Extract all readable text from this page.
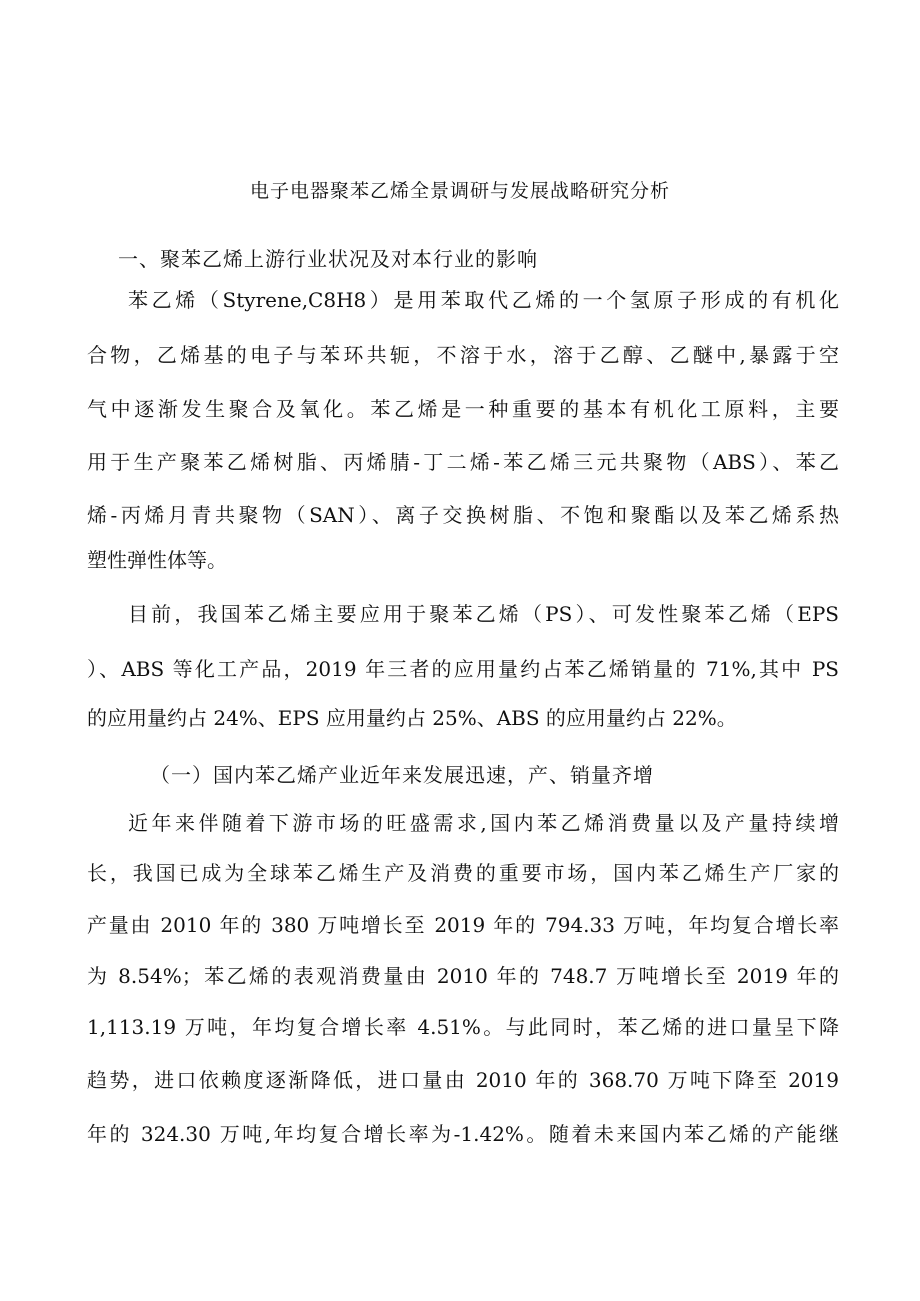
电子电器聚苯乙烯全景调研与发展战略研究分析
一、聚苯乙烯上游行业状况及对本行业的影响
苯乙烯（Styrene,C8H8）是用苯取代乙烯的一个氢原子形成的有机化
合物，乙烯基的电子与苯环共轭，不溶于水，溶于乙醇、乙醚中,暴露于空
气中逐渐发生聚合及氧化。苯乙烯是一种重要的基本有机化工原料，主要
用于生产聚苯乙烯树脂、丙烯腈-丁二烯-苯乙烯三元共聚物（ABS）、苯乙
烯-丙烯月青共聚物（SAN）、离子交换树脂、不饱和聚酯以及苯乙烯系热
塑性弹性体等。
目前，我国苯乙烯主要应用于聚苯乙烯（PS）、可发性聚苯乙烯（EPS
）、ABS 等化工产品，2019 年三者的应用量约占苯乙烯销量的 71%,其中 PS
的应用量约占 24%、EPS 应用量约占 25%、ABS 的应用量约占 22%。
（一）国内苯乙烯产业近年来发展迅速，产、销量齐增
近年来伴随着下游市场的旺盛需求,国内苯乙烯消费量以及产量持续增
长，我国已成为全球苯乙烯生产及消费的重要市场，国内苯乙烯生产厂家的
产量由 2010 年的 380 万吨增长至 2019 年的 794.33 万吨，年均复合增长率
为 8.54%；苯乙烯的表观消费量由 2010 年的 748.7 万吨增长至 2019 年的
1,113.19 万吨，年均复合增长率 4.51%。与此同时，苯乙烯的进口量呈下降
趋势，进口依赖度逐渐降低，进口量由 2010 年的 368.70 万吨下降至 2019
年的 324.30 万吨,年均复合增长率为-1.42%。随着未来国内苯乙烯的产能继
